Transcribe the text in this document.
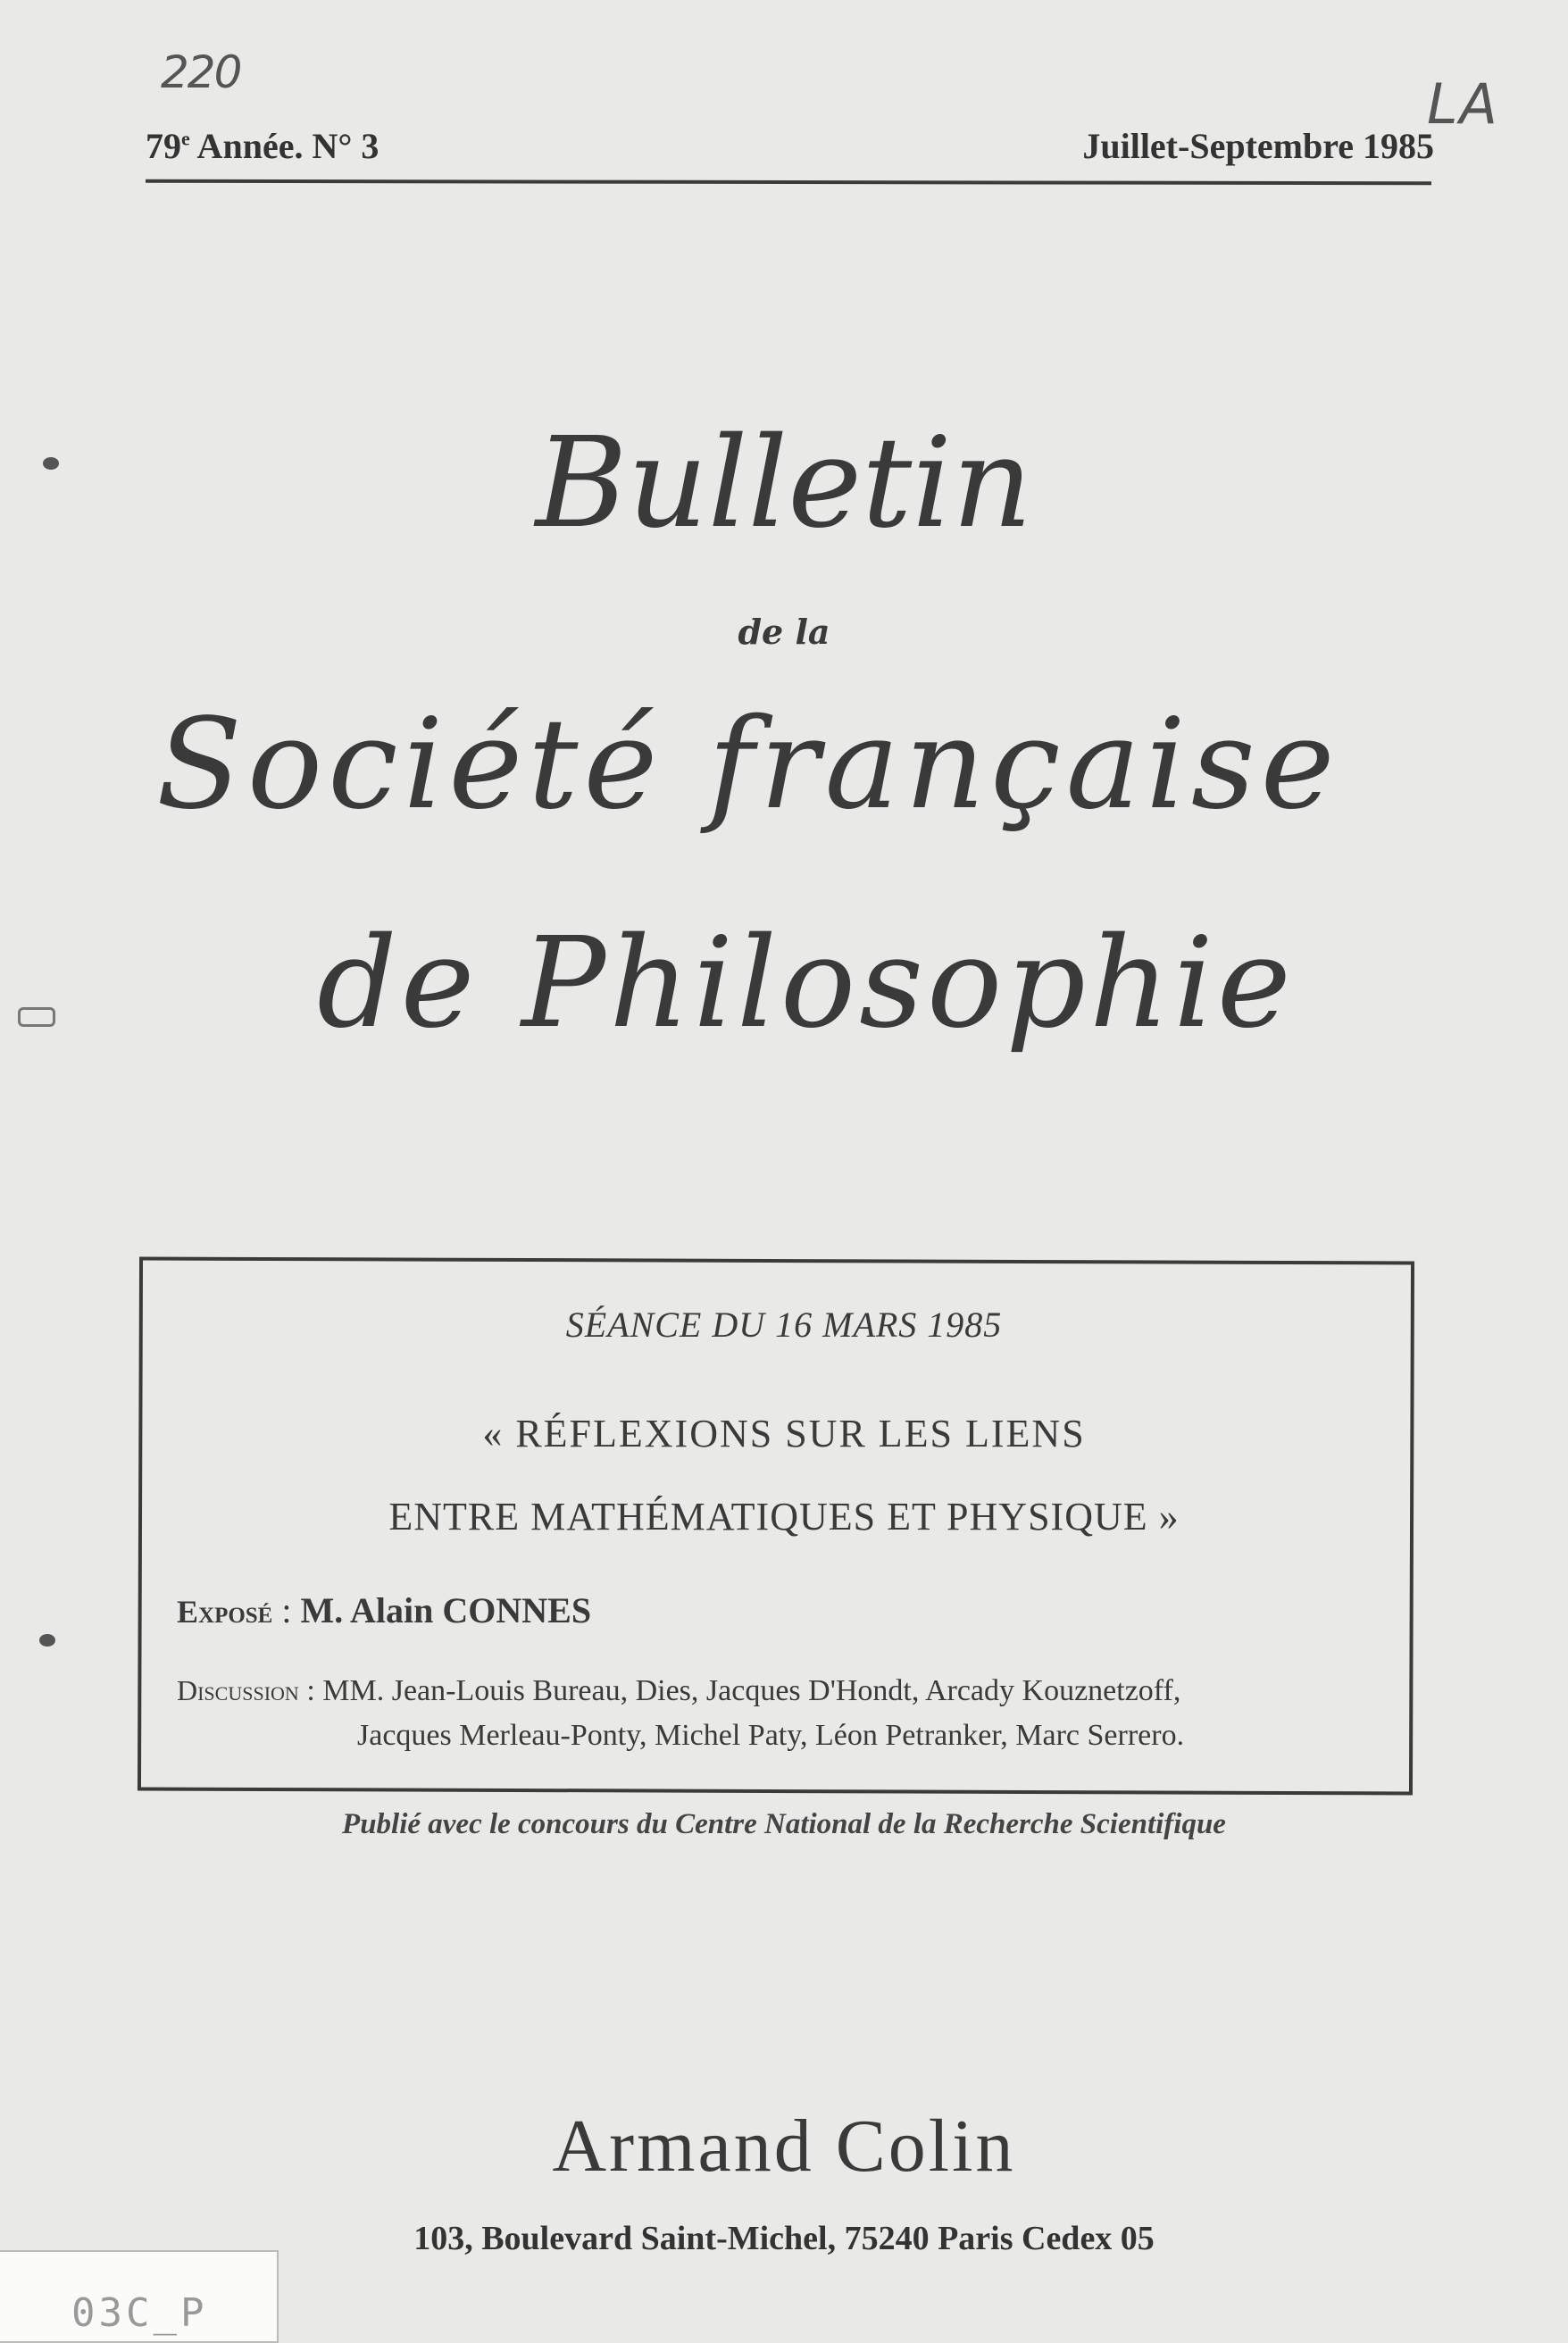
220	LA
79e Année. N° 3	Juillet-Septembre 1985
Bulletin
de la
Société française
de Philosophie
SÉANCE DU 16 MARS 1985
« RÉFLEXIONS SUR LES LIENS
ENTRE MATHÉMATIQUES ET PHYSIQUE »
Exposé : M. Alain CONNES
Discussion : MM. Jean-Louis Bureau, Dies, Jacques D'Hondt, Arcady Kouznetzoff,
Jacques Merleau-Ponty, Michel Paty, Léon Petranker, Marc Serrero.
Publié avec le concours du Centre National de la Recherche Scientifique
Armand Colin
103, Boulevard Saint-Michel, 75240 Paris Cedex 05
03C_P
